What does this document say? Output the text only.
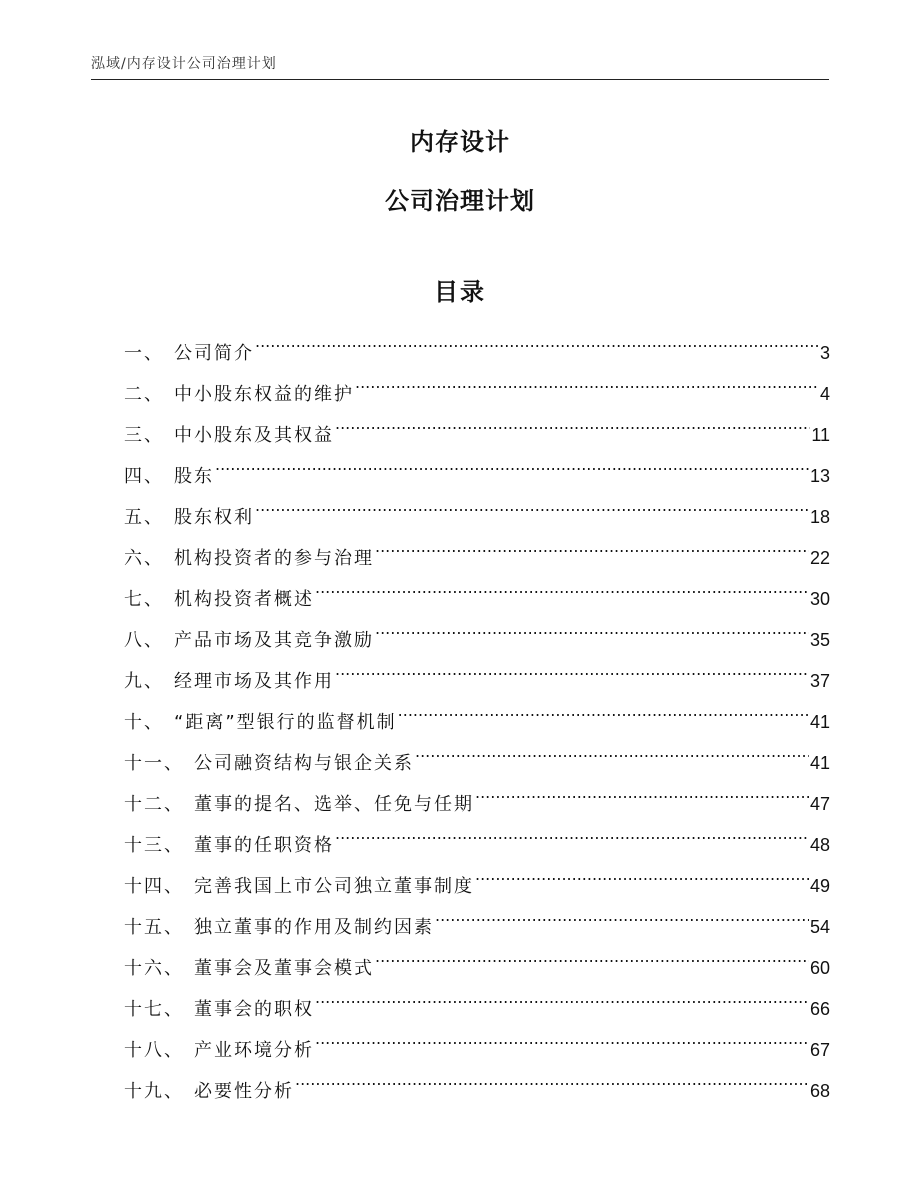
泓域/内存设计公司治理计划
内存设计
公司治理计划
目录
一、 公司简介 .....	3
二、 中小股东权益的维护 .....	4
三、 中小股东及其权益 .....	11
四、 股东 .....	13
五、 股东权利 .....	18
六、 机构投资者的参与治理 .....	22
七、 机构投资者概述 .....	30
八、 产品市场及其竞争激励 .....	35
九、 经理市场及其作用 .....	37
十、 “距离”型银行的监督机制 .....	41
十一、 公司融资结构与银企关系 .....	41
十二、 董事的提名、选举、任免与任期 .....	47
十三、 董事的任职资格 .....	48
十四、 完善我国上市公司独立董事制度 .....	49
十五、 独立董事的作用及制约因素 .....	54
十六、 董事会及董事会模式 .....	60
十七、 董事会的职权 .....	66
十八、 产业环境分析 .....	67
十九、 必要性分析 .....	68
